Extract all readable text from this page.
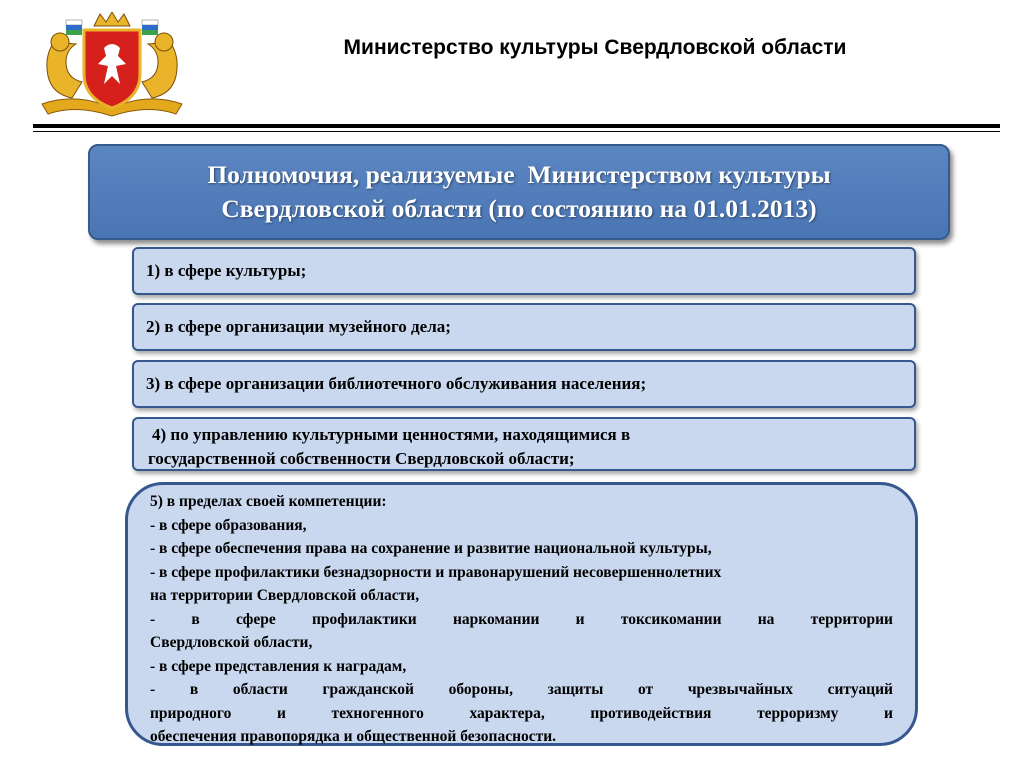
Министерство культуры Свердловской области
Полномочия, реализуемые  Министерством культуры
Свердловской области (по состоянию на 01.01.2013)
1) в сфере культуры;
2) в сфере организации музейного дела;
3) в сфере организации библиотечного обслуживания населения;
4) по управлению культурными ценностями, находящимися в
государственной собственности Свердловской области;
5) в пределах своей компетенции:
- в сфере образования,
- в сфере обеспечения права на сохранение и развитие национальной культуры,
- в сфере профилактики безнадзорности и правонарушений несовершеннолетних
на территории Свердловской области,
- в сфере профилактики наркомании и токсикомании на территории
Свердловской области,
- в сфере представления к наградам,
- в области гражданской обороны, защиты от чрезвычайных ситуаций
природного	и	техногенного	характера,	противодействия	терроризму	и
обеспечения правопорядка и общественной безопасности.
